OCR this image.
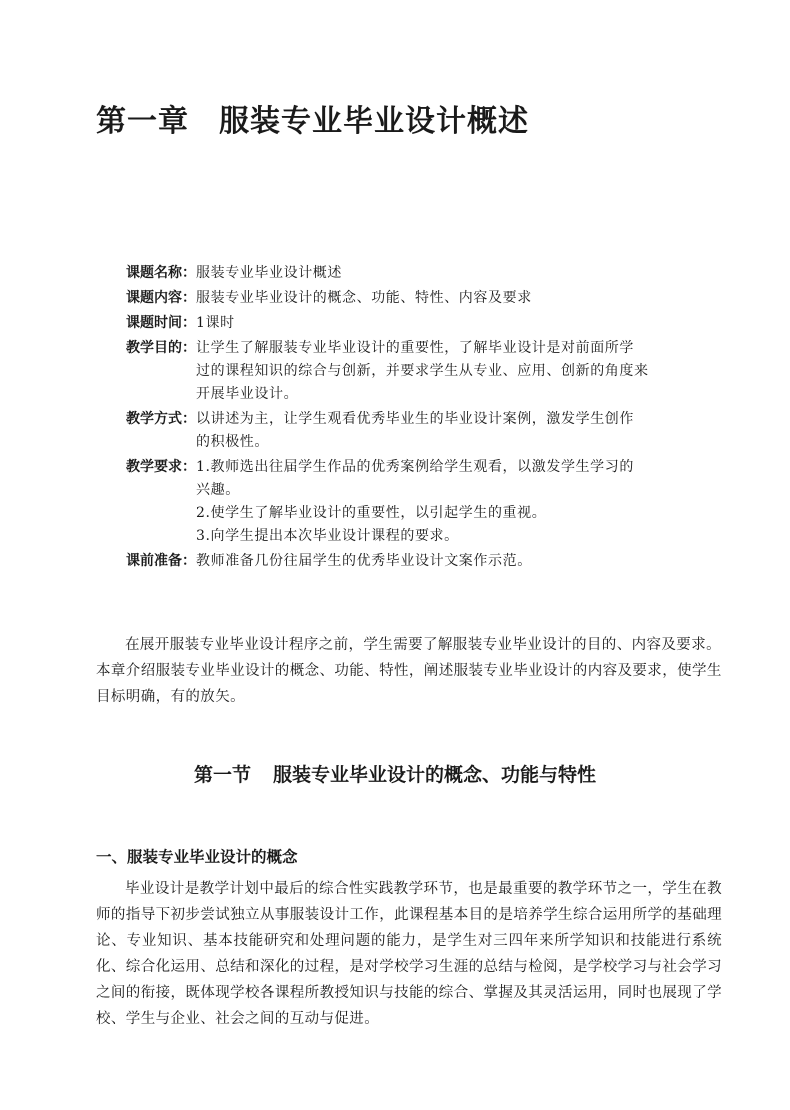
第一章 服装专业毕业设计概述
课题名称： 服装专业毕业设计概述
课题内容： 服装专业毕业设计的概念、功能、特性、内容及要求
课题时间： 1课时
教学目的： 让学生了解服装专业毕业设计的重要性，了解毕业设计是对前面所学
过的课程知识的综合与创新，并要求学生从专业、应用、创新的角度来
开展毕业设计。
教学方式： 以讲述为主，让学生观看优秀毕业生的毕业设计案例，激发学生创作
的积极性。
教学要求： 1.教师选出往届学生作品的优秀案例给学生观看，以激发学生学习的
兴趣。
2.使学生了解毕业设计的重要性，以引起学生的重视。
3.向学生提出本次毕业设计课程的要求。
课前准备： 教师准备几份往届学生的优秀毕业设计文案作示范。

在展开服装专业毕业设计程序之前，学生需要了解服装专业毕业设计的目的、内容及要求。本章介绍服装专业毕业设计的概念、功能、特性，阐述服装专业毕业设计的内容及要求，使学生目标明确，有的放矢。

第一节 服装专业毕业设计的概念、功能与特性
一、服装专业毕业设计的概念

毕业设计是教学计划中最后的综合性实践教学环节，也是最重要的教学环节之一，学生在教师的指导下初步尝试独立从事服装设计工作，此课程基本目的是培养学生综合运用所学的基础理论、专业知识、基本技能研究和处理问题的能力，是学生对三四年来所学知识和技能进行系统化、综合化运用、总结和深化的过程，是对学校学习生涯的总结与检阅，是学校学习与社会学习之间的衔接，既体现学校各课程所教授知识与技能的综合、掌握及其灵活运用，同时也展现了学校、学生与企业、社会之间的互动与促进。
